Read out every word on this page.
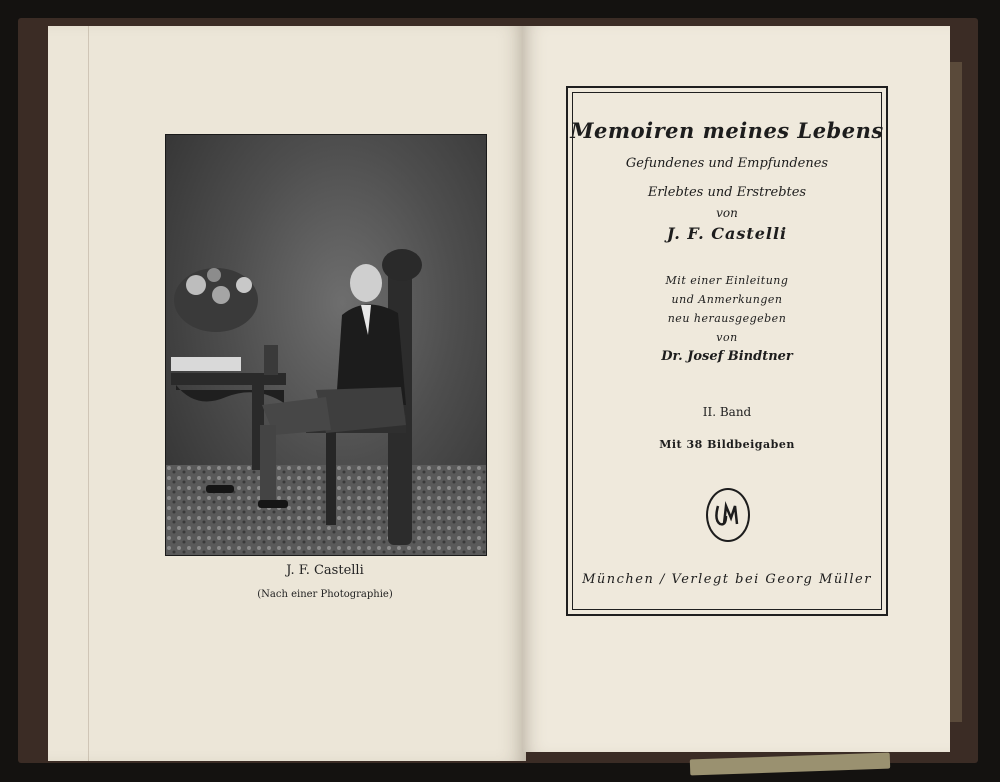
J. F. Castelli
(Nach einer Photographie)
Memoiren meines Lebens
Gefundenes und Empfundenes
Erlebtes und Erstrebtes
von
J. F. Castelli
Mit einer Einleitung
und Anmerkungen
neu herausgegeben
von
Dr. Josef Bindtner
II. Band
Mit 38 Bildbeigaben
München / Verlegt bei Georg Müller
